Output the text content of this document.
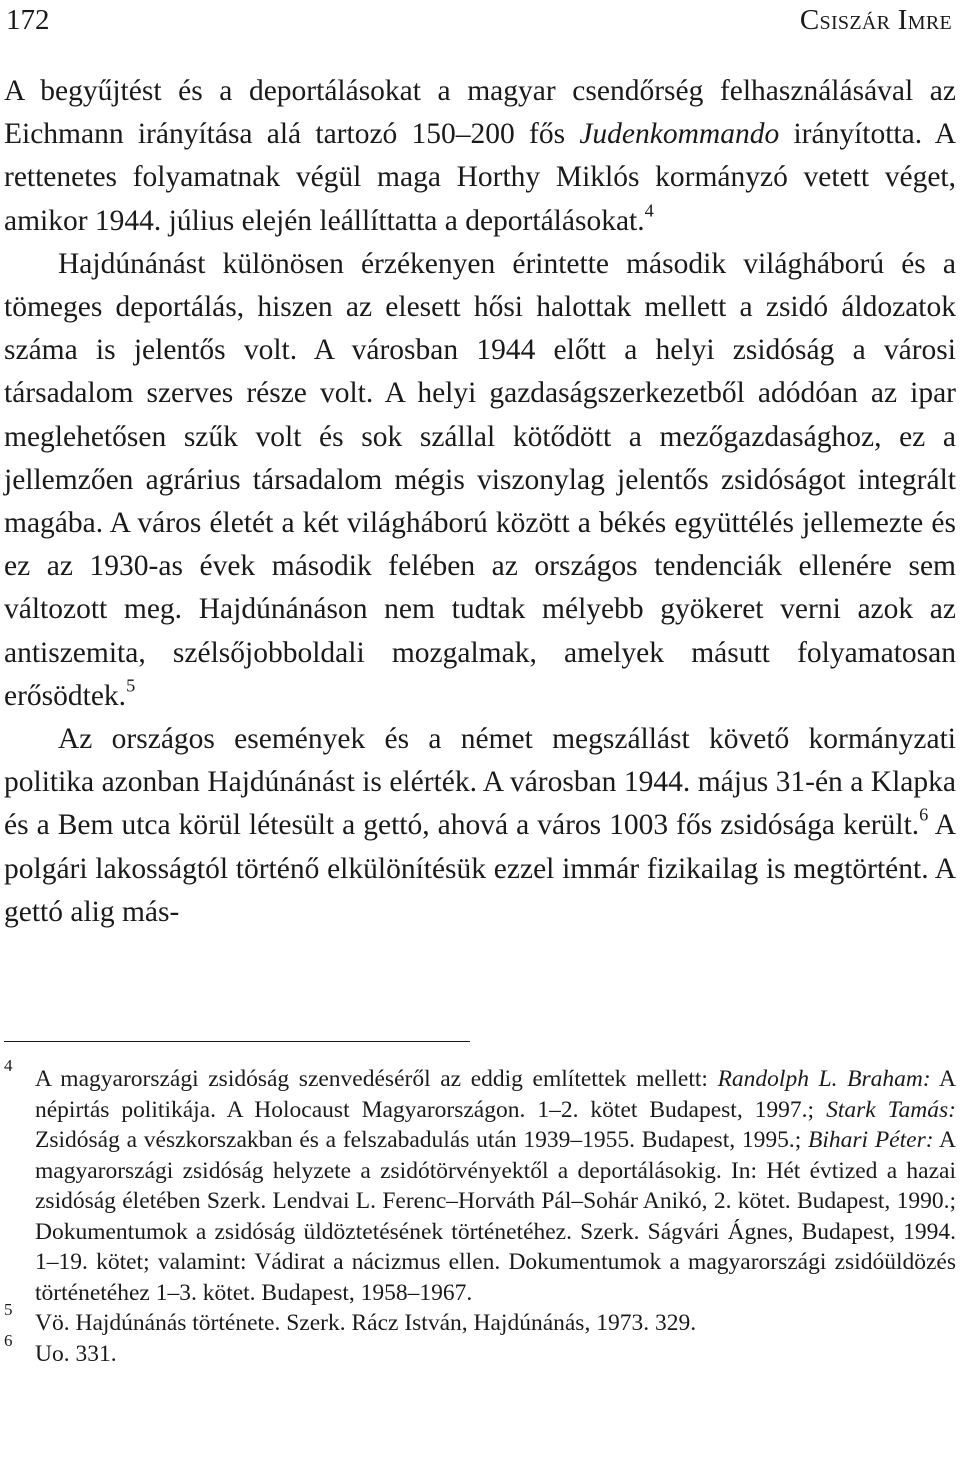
172	Csiszár Imre

A begyűjtést és a deportálásokat a magyar csendőrség felhasználásával az Eichmann irányítása alá tartozó 150–200 fős Judenkommando irányította. A rettenetes folyamatnak végül maga Horthy Miklós kormányzó vetett véget, amikor 1944. július elején leállíttatta a deportálásokat.$^4$

Hajdúnánást különösen érzékenyen érintette második világháború és a tömeges deportálás, hiszen az elesett hősi halottak mellett a zsidó áldozatok száma is jelentős volt. A városban 1944 előtt a helyi zsidóság a városi társadalom szerves része volt. A helyi gazdaságszerkezetből adódóan az ipar meglehetősen szűk volt és sok szállal kötődött a mezőgazdasághoz, ez a jellemzően agrárius társadalom mégis viszonylag jelentős zsidóságot integrált magába. A város életét a két világháború között a békés együttélés jellemezte és ez az 1930-as évek második felében az országos tendenciák ellenére sem változott meg. Hajdúnánáson nem tudtak mélyebb gyökeret verni azok az antiszemita, szélsőjobboldali mozgalmak, amelyek másutt folyamatosan erősödtek.$^5$

Az országos események és a német megszállást követő kormányzati politika azonban Hajdúnánást is elérték. A városban 1944. május 31-én a Klapka és a Bem utca körül létesült a gettó, ahová a város 1003 fős zsidósága került.$^6$ A polgári lakosságtól történő elkülönítésük ezzel immár fizikailag is megtörtént. A gettó alig más-

4
A magyarországi zsidóság szenvedéséről az eddig említettek mellett: Randolph L. Braham: A népirtás politikája. A Holocaust Magyarországon. 1–2. kötet Budapest, 1997.; Stark Tamás: Zsidóság a vészkorszakban és a felszabadulás után 1939–1955. Budapest, 1995.; Bihari Péter: A magyarországi zsidóság helyzete a zsidótörvényektől a deportálásokig. In: Hét évtized a hazai zsidóság életében Szerk. Lendvai L. Ferenc–Horváth Pál–Sohár Anikó, 2. kötet. Budapest, 1990.; Dokumentumok a zsidóság üldöztetésének történetéhez. Szerk. Ságvári Ágnes, Budapest, 1994. 1–19. kötet; valamint: Vádirat a nácizmus ellen. Dokumentumok a magyarországi zsidóüldözés történetéhez 1–3. kötet. Budapest, 1958–1967.
5
Vö. Hajdúnánás története. Szerk. Rácz István, Hajdúnánás, 1973. 329.
6
Uo. 331.
